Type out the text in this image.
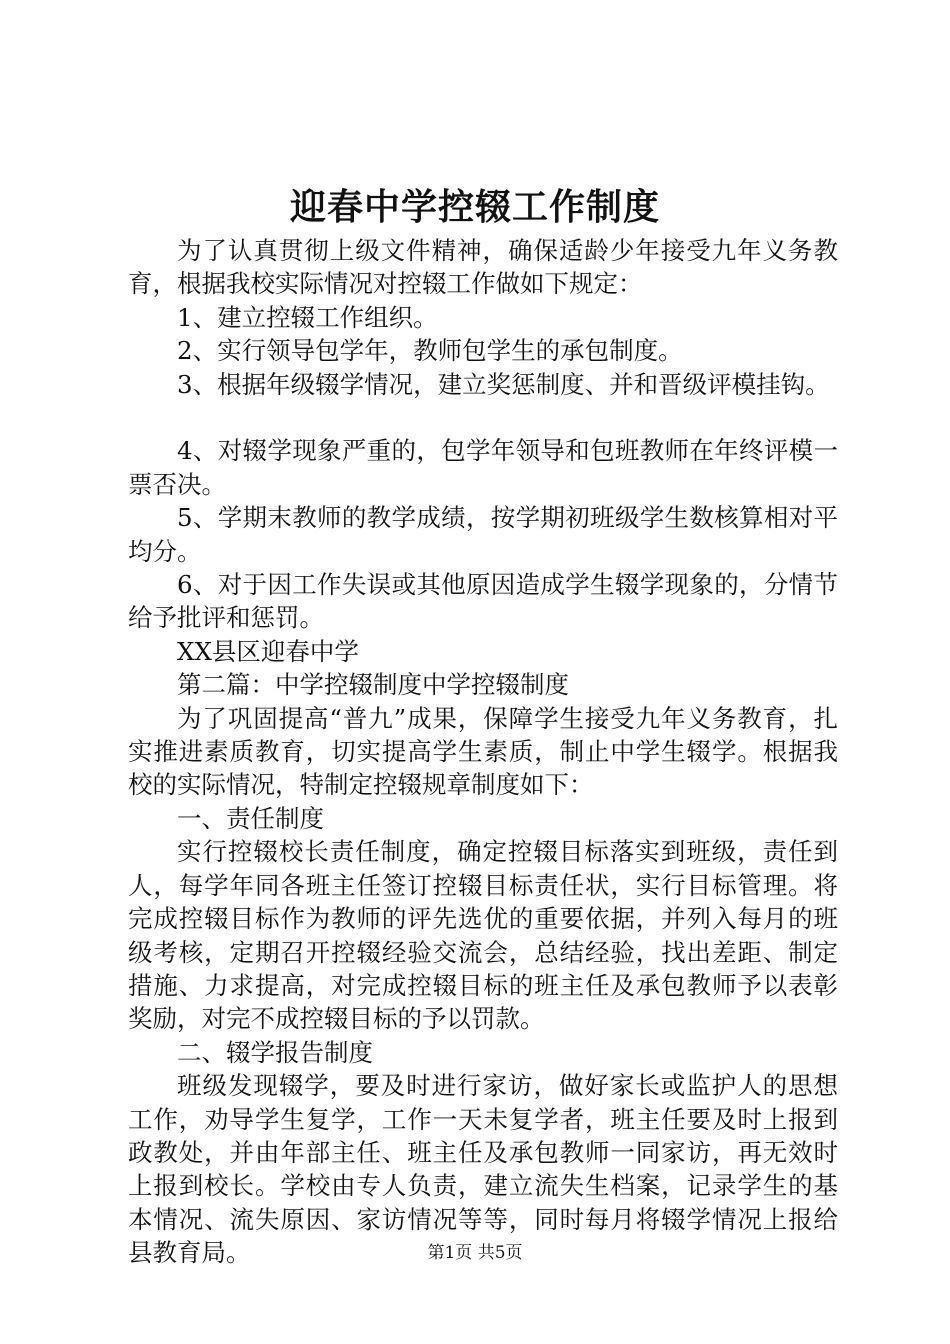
迎春中学控辍工作制度

为了认真贯彻上级文件精神，确保适龄少年接受九年义务教育，根据我校实际情况对控辍工作做如下规定：

1、建立控辍工作组织。

2、实行领导包学年，教师包学生的承包制度。

3、根据年级辍学情况，建立奖惩制度、并和晋级评模挂钩。

4、对辍学现象严重的，包学年领导和包班教师在年终评模一票否决。

5、学期末教师的教学成绩，按学期初班级学生数核算相对平均分。

6、对于因工作失误或其他原因造成学生辍学现象的，分情节给予批评和惩罚。

XX县区迎春中学

第二篇：中学控辍制度中学控辍制度

为了巩固提高“普九”成果，保障学生接受九年义务教育，扎实推进素质教育，切实提高学生素质，制止中学生辍学。根据我校的实际情况，特制定控辍规章制度如下：

一、责任制度

实行控辍校长责任制度，确定控辍目标落实到班级，责任到人，每学年同各班主任签订控辍目标责任状，实行目标管理。将完成控辍目标作为教师的评先选优的重要依据，并列入每月的班级考核，定期召开控辍经验交流会，总结经验，找出差距、制定措施、力求提高，对完成控辍目标的班主任及承包教师予以表彰奖励，对完不成控辍目标的予以罚款。

二、辍学报告制度

班级发现辍学，要及时进行家访，做好家长或监护人的思想工作，劝导学生复学，工作一天未复学者，班主任要及时上报到政教处，并由年部主任、班主任及承包教师一同家访，再无效时上报到校长。学校由专人负责，建立流失生档案，记录学生的基本情况、流失原因、家访情况等等，同时每月将辍学情况上报给县教育局。	第1页 共5页
